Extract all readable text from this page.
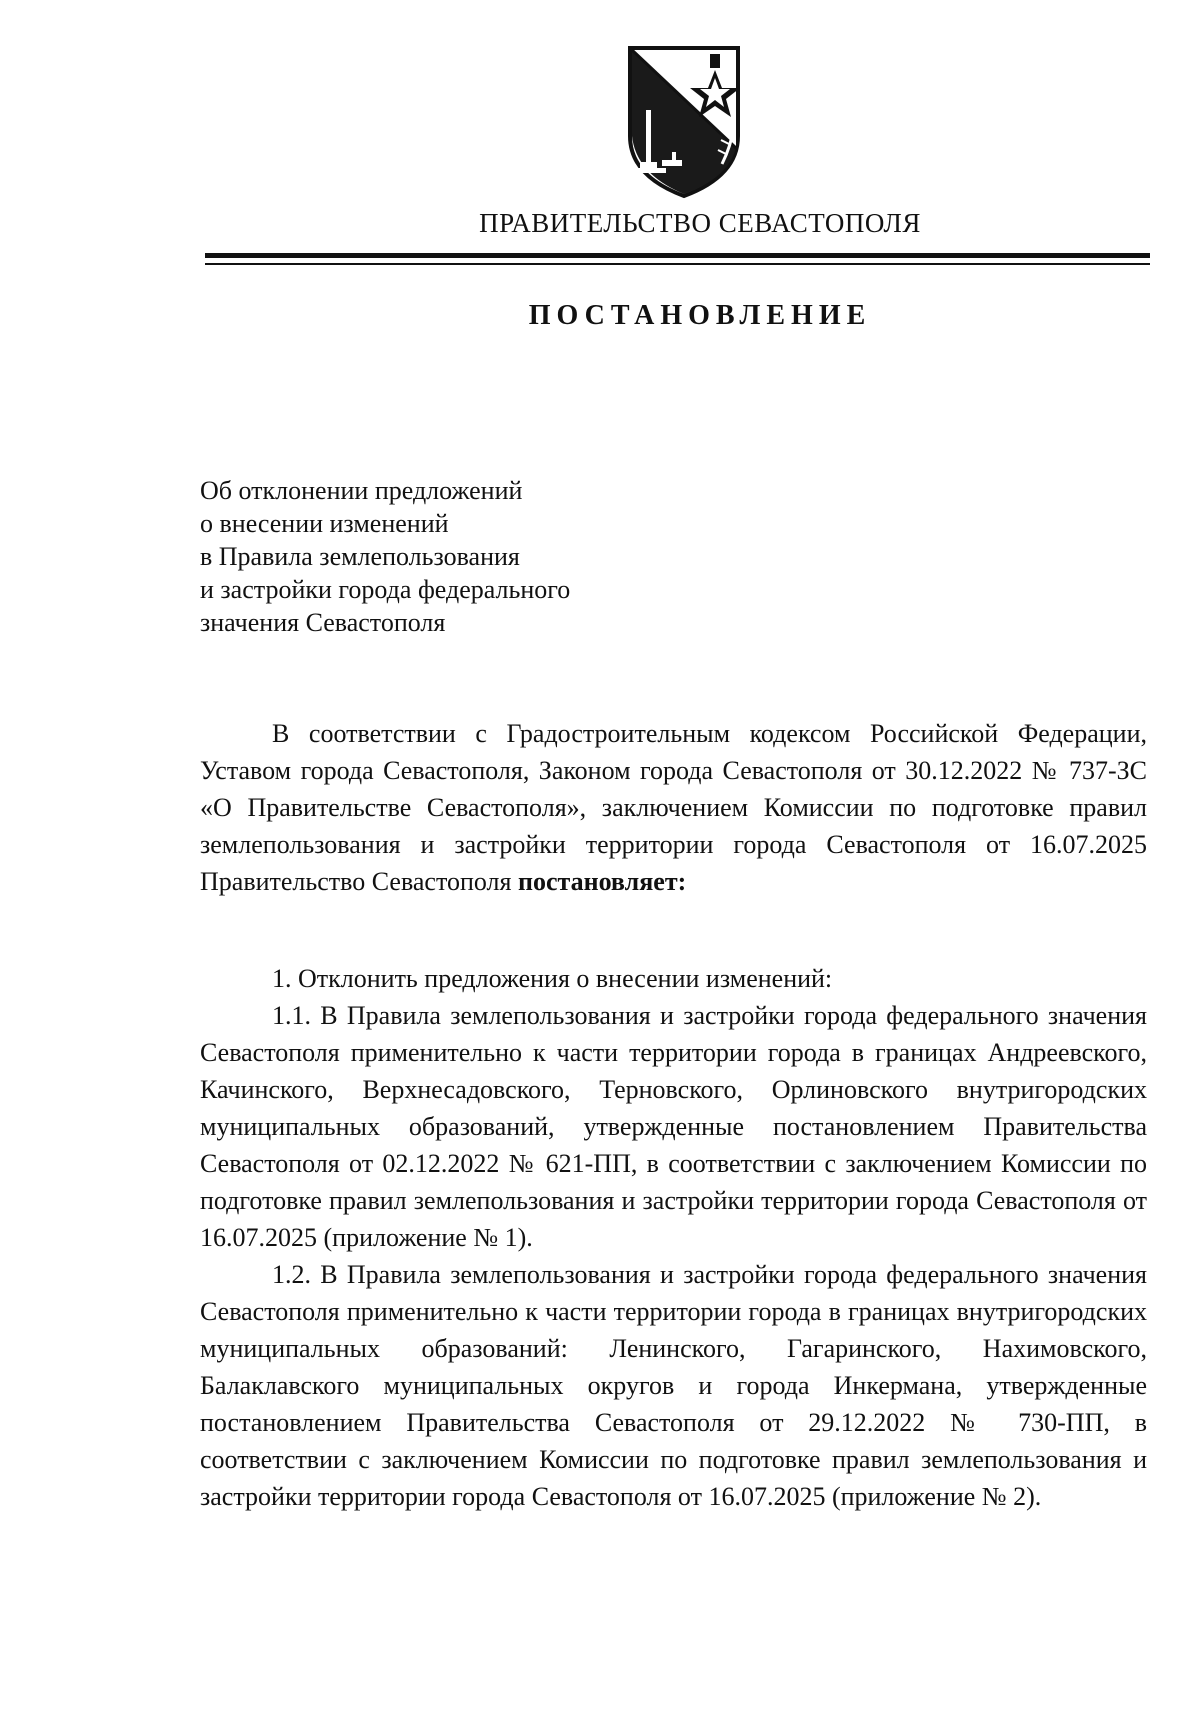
ПРАВИТЕЛЬСТВО СЕВАСТОПОЛЯ
ПОСТАНОВЛЕНИЕ
Об отклонении предложений
о внесении изменений
в Правила землепользования
и застройки города федерального
значения Севастополя

В соответствии с Градостроительным кодексом Российской Федерации, Уставом города Севастополя, Законом города Севастополя от 30.12.2022 № 737-ЗС «О Правительстве Севастополя», заключением Комиссии по подготовке правил землепользования и застройки территории города Севастополя от 16.07.2025 Правительство Севастополя постановляет:

1. Отклонить предложения о внесении изменений:

1.1. В Правила землепользования и застройки города федерального значения Севастополя применительно к части территории города в границах Андреевского, Качинского, Верхнесадовского, Терновского, Орлиновского внутригородских муниципальных образований, утвержденные постановлением Правительства Севастополя от 02.12.2022 № 621-ПП, в соответствии с заключением Комиссии по подготовке правил землепользования и застройки территории города Севастополя от 16.07.2025 (приложение № 1).

1.2. В Правила землепользования и застройки города федерального значения Севастополя применительно к части территории города в границах внутригородских муниципальных образований: Ленинского, Гагаринского, Нахимовского, Балаклавского муниципальных округов и города Инкермана, утвержденные постановлением Правительства Севастополя от 29.12.2022 № 730-ПП, в соответствии с заключением Комиссии по подготовке правил землепользования и застройки территории города Севастополя от 16.07.2025 (приложение № 2).
